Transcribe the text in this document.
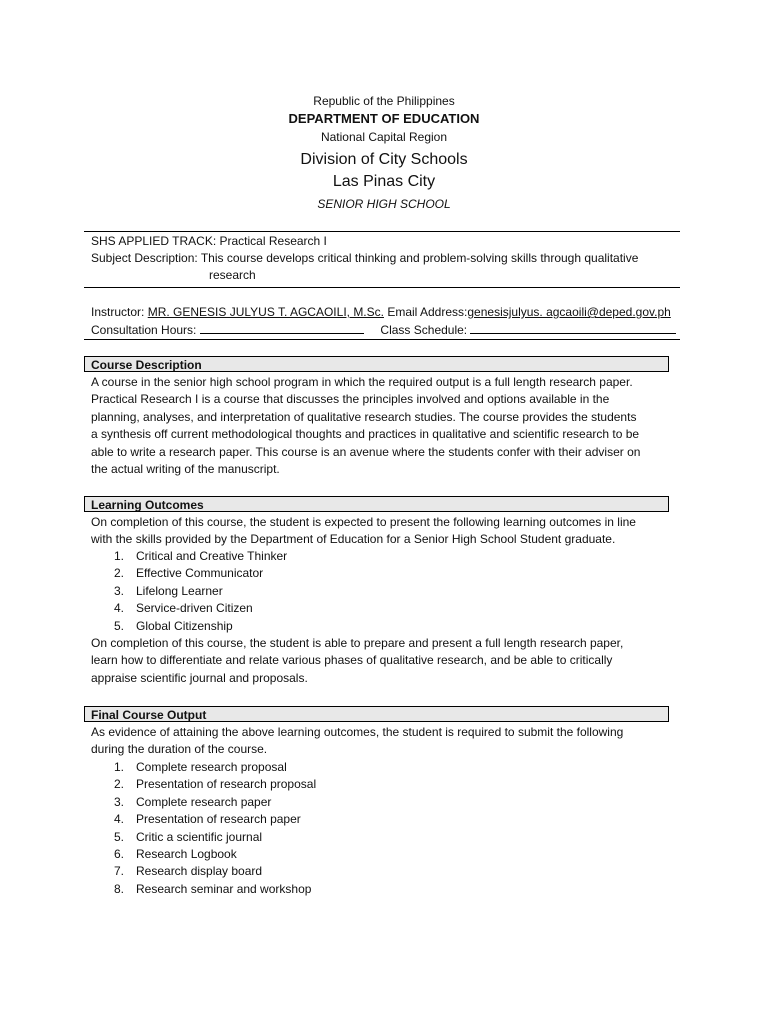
Republic of the Philippines
DEPARTMENT OF EDUCATION
National Capital Region
Division of City Schools
Las Pinas City
SENIOR HIGH SCHOOL
SHS APPLIED TRACK: Practical Research I
Subject Description: This course develops critical thinking and problem-solving skills through qualitative
research
Instructor: MR. GENESIS JULYUS T. AGCAOILI, M.Sc. Email Address:genesisjulyus. agcaoili@deped.gov.ph
Consultation Hours:	Class Schedule:
Course Description
A course in the senior high school program in which the required output is a full length research paper.
Practical Research I is a course that discusses the principles involved and options available in the
planning, analyses, and interpretation of qualitative research studies. The course provides the students
a synthesis off current methodological thoughts and practices in qualitative and scientific research to be
able to write a research paper. This course is an avenue where the students confer with their adviser on
the actual writing of the manuscript.
Learning Outcomes
On completion of this course, the student is expected to present the following learning outcomes in line
with the skills provided by the Department of Education for a Senior High School Student graduate.
1. Critical and Creative Thinker
2. Effective Communicator
3. Lifelong Learner
4. Service-driven Citizen
5. Global Citizenship
On completion of this course, the student is able to prepare and present a full length research paper,
learn how to differentiate and relate various phases of qualitative research, and be able to critically
appraise scientific journal and proposals.
Final Course Output
As evidence of attaining the above learning outcomes, the student is required to submit the following
during the duration of the course.
1. Complete research proposal
2. Presentation of research proposal
3. Complete research paper
4. Presentation of research paper
5. Critic a scientific journal
6. Research Logbook
7. Research display board
8. Research seminar and workshop
